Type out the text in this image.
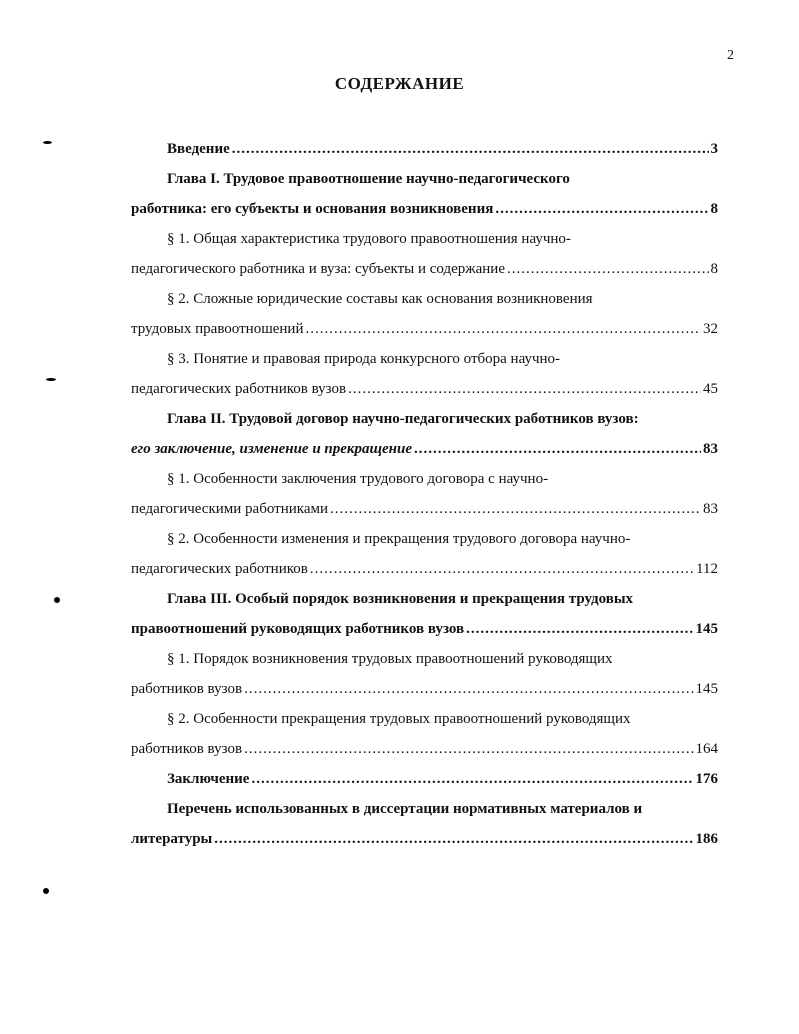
2
СОДЕРЖАНИЕ
Введение .....	3
Глава I. Трудовое правоотношение научно-педагогического
работника: его субъекты и основания возникновения .....	8
§ 1. Общая характеристика трудового правоотношения научно-
педагогического работника и вуза: субъекты и содержание .....	8
§ 2. Сложные юридические составы как основания возникновения
трудовых правоотношений .....	32
§ 3. Понятие и правовая природа конкурсного отбора научно-
педагогических работников вузов .....	45
Глава II. Трудовой договор научно-педагогических работников вузов:
его заключение, изменение и прекращение .....	83
§ 1. Особенности заключения трудового договора с научно-
педагогическими работниками .....	83
§ 2. Особенности изменения и прекращения трудового договора научно-
педагогических работников .....	112
Глава III. Особый порядок возникновения и прекращения трудовых
правоотношений руководящих работников вузов .....	145
§ 1. Порядок возникновения трудовых правоотношений руководящих
работников вузов .....	145
§ 2. Особенности прекращения трудовых правоотношений руководящих
работников вузов .....	164
Заключение .....	176
Перечень использованных в диссертации нормативных материалов и
литературы .....	186
